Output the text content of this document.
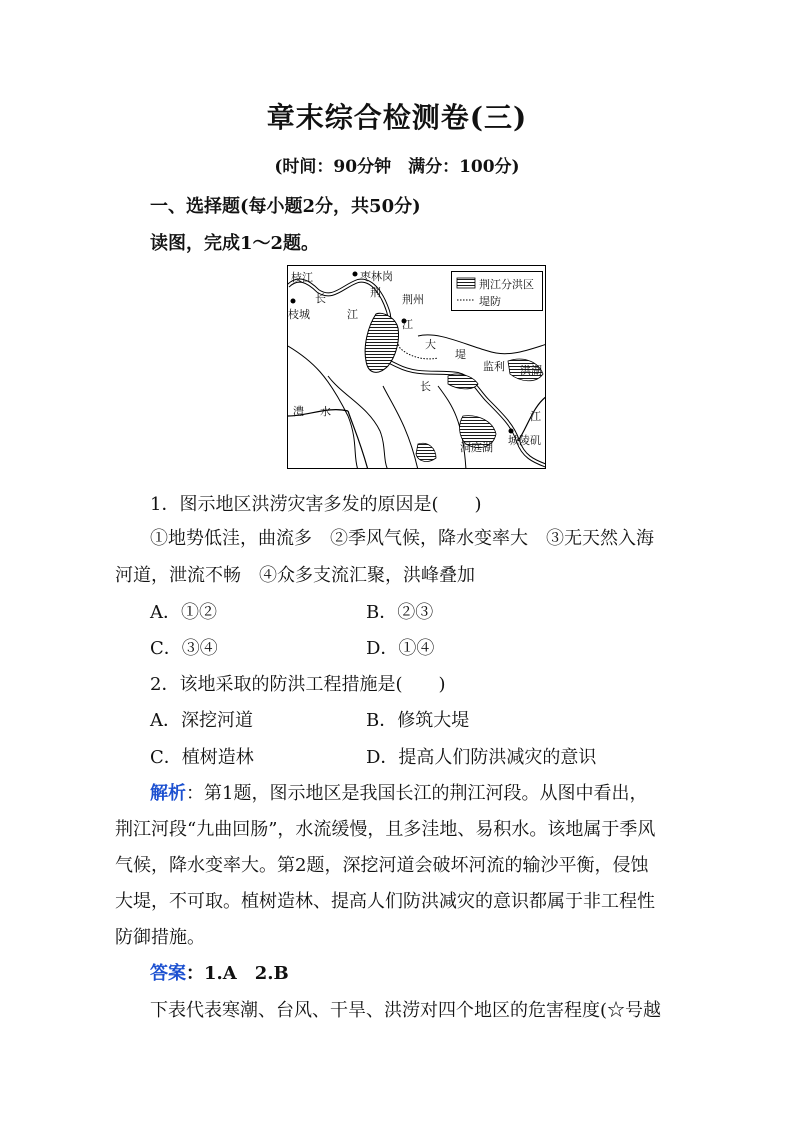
章末综合检测卷(三)
(时间：90分钟　满分：100分)
一、选择题(每小题2分，共50分)
读图，完成1～2题。
荆江分洪区
堤防
枝江	枣林岗
荆
荆州
长
枝城	江
江
大
堤
监利 洪湖
长
澧 水	江
洞庭湖
城陵矶
1．图示地区洪涝灾害多发的原因是(　　)
①地势低洼，曲流多　②季风气候，降水变率大　③无天然入海
河道，泄流不畅　④众多支流汇聚，洪峰叠加
A．①②	B．②③
C．③④	D．①④
2．该地采取的防洪工程措施是(　　)
A．深挖河道	B．修筑大堤
C．植树造林	D．提高人们防洪减灾的意识
解析：第1题，图示地区是我国长江的荆江河段。从图中看出，
荆江河段“九曲回肠”，水流缓慢，且多洼地、易积水。该地属于季风
气候，降水变率大。第2题，深挖河道会破坏河流的输沙平衡，侵蚀
大堤，不可取。植树造林、提高人们防洪减灾的意识都属于非工程性
防御措施。
答案：1.A　2.B
下表代表寒潮、台风、干旱、洪涝对四个地区的危害程度(☆号越
